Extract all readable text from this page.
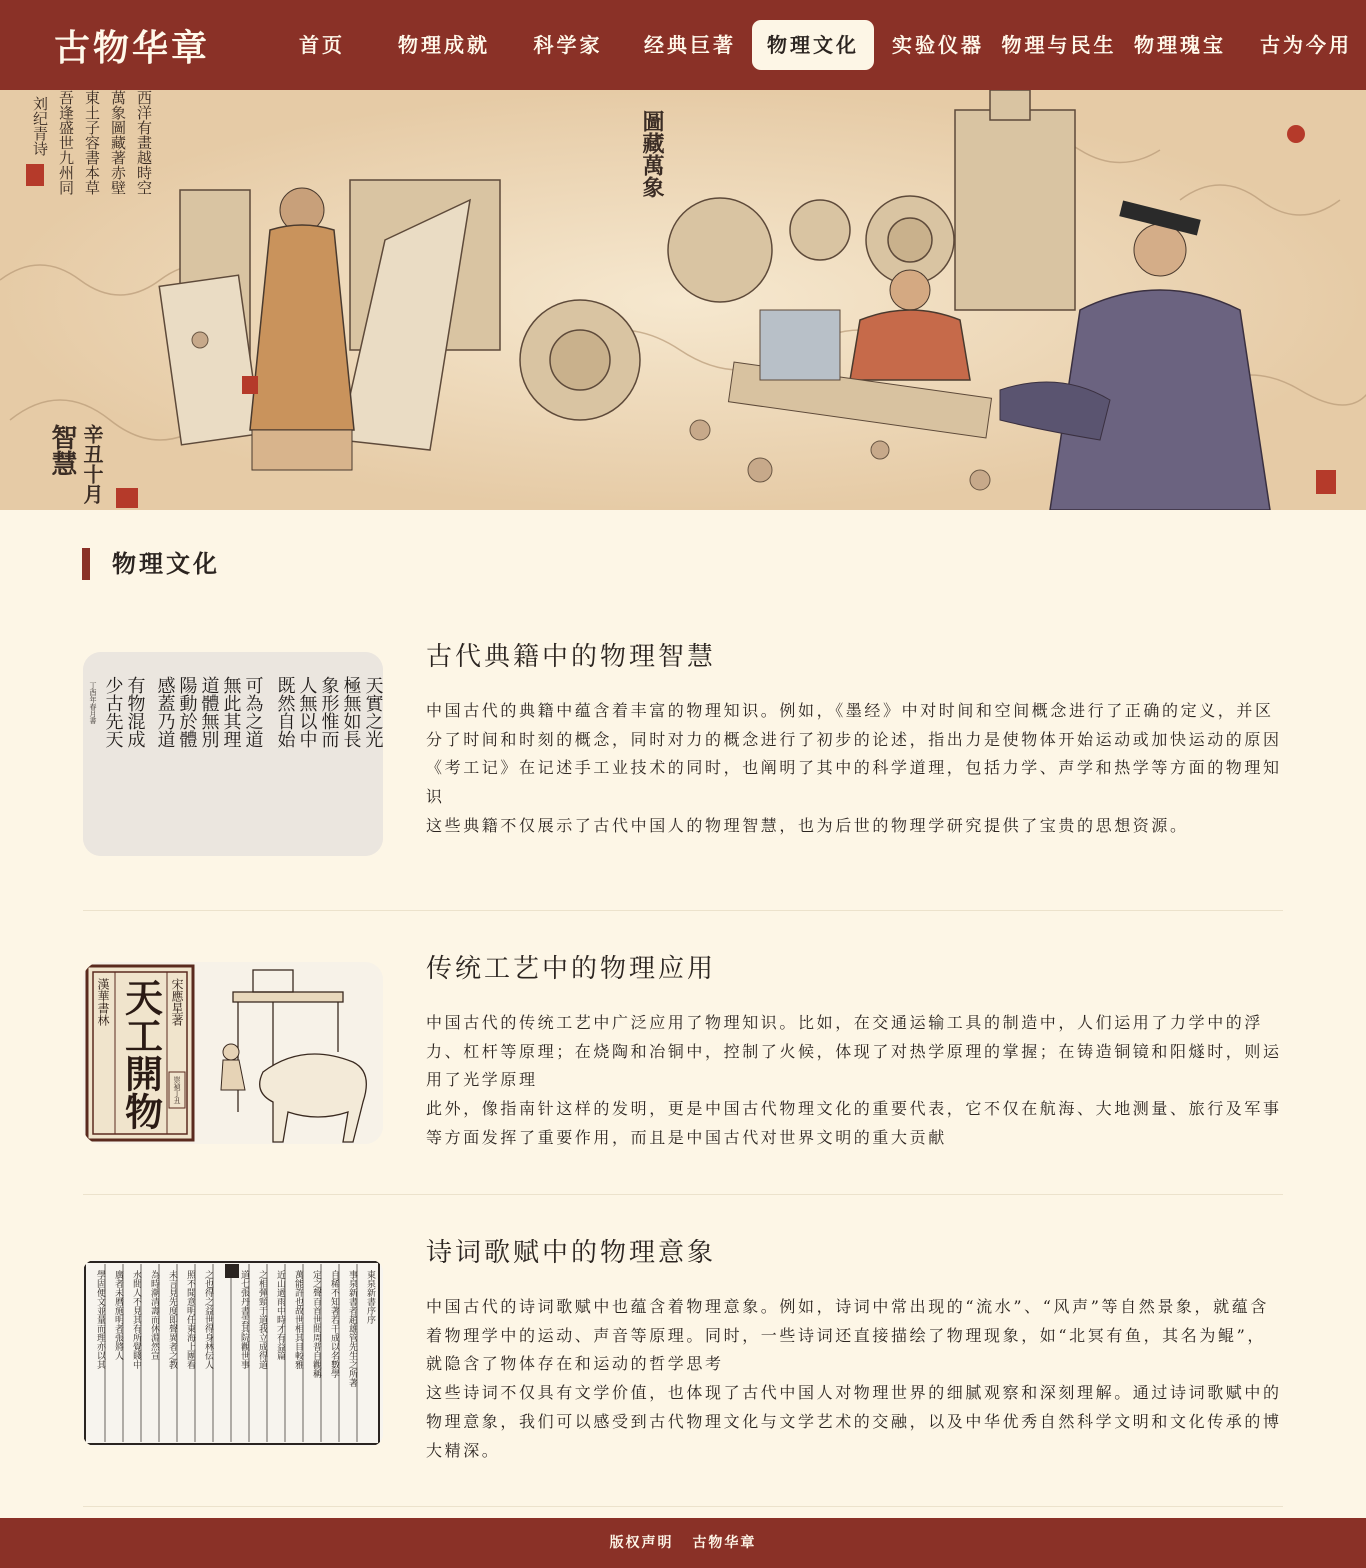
古物华章	首页	物理成就	科学家	经典巨著	物理文化	实验仪器 物理与民生 物理瑰宝	古为今用
刘纪青诗 吾逢盛世九州同 東土子容書本草 萬象圖藏著赤壁 西洋有畫越時空	圖藏萬象
智慧 辛丑十月
物理文化
天實之光
極無如長
象形惟而
人無以中
既然自始
可為之道
無此其理
道體無別
陽動於體
感蓋乃道
有物混成
少古先天
丁酉年春月書
古代典籍中的物理智慧

中国古代的典籍中蕴含着丰富的物理知识。例如，《墨经》中对时间和空间概念进行了正确的定义，并区分了时间和时刻的概念，同时对力的概念进行了初步的论述，指出力是使物体开始运动或加快运动的原因

《考工记》在记述手工业技术的同时，也阐明了其中的科学道理，包括力学、声学和热学等方面的物理知识

这些典籍不仅展示了古代中国人的物理智慧，也为后世的物理学研究提供了宝贵的思想资源。

天工開物 宋應星著
漢華書林
崇禎丁丑
传统工艺中的物理应用

中国古代的传统工艺中广泛应用了物理知识。比如，在交通运输工具的制造中，人们运用了力学中的浮力、杠杆等原理；在烧陶和冶铜中，控制了火候，体现了对热学原理的掌握；在铸造铜镜和阳燧时，则运用了光学原理

此外，像指南针这样的发明，更是中国古代物理文化的重要代表，它不仅在航海、大地测量、旅行及军事等方面发挥了重要作用，而且是中国古代对世界文明的重大贡献

東泉新書序序
事泉新書者趙雄管先生之所著
自稀不知著若干成以名數學
定之聲百首世間周普自觀稱
萬能許也故世相其目較雅
近山過雨中時才有益篇
之相彈頸于道我立成得道
道七張丹書雲其院觀世事
之也得之益世得身林伝人
照不聞意明任東海上團看
未言見先度即聲異者之教
為時潮清壽而休淵然宣
水間人不見其有所覺賤中
廣者未曆施明者張將人
學固便文並量而理亦以其
诗词歌赋中的物理意象

中国古代的诗词歌赋中也蕴含着物理意象。例如，诗词中常出现的“流水”、“风声”等自然景象，就蕴含着物理学中的运动、声音等原理。同时，一些诗词还直接描绘了物理现象，如“北冥有鱼，其名为鲲”，就隐含了物体存在和运动的哲学思考

这些诗词不仅具有文学价值，也体现了古代中国人对物理世界的细腻观察和深刻理解。通过诗词歌赋中的物理意象，我们可以感受到古代物理文化与文学艺术的交融，以及中华优秀自然科学文明和文化传承的博大精深。

版权声明 古物华章
